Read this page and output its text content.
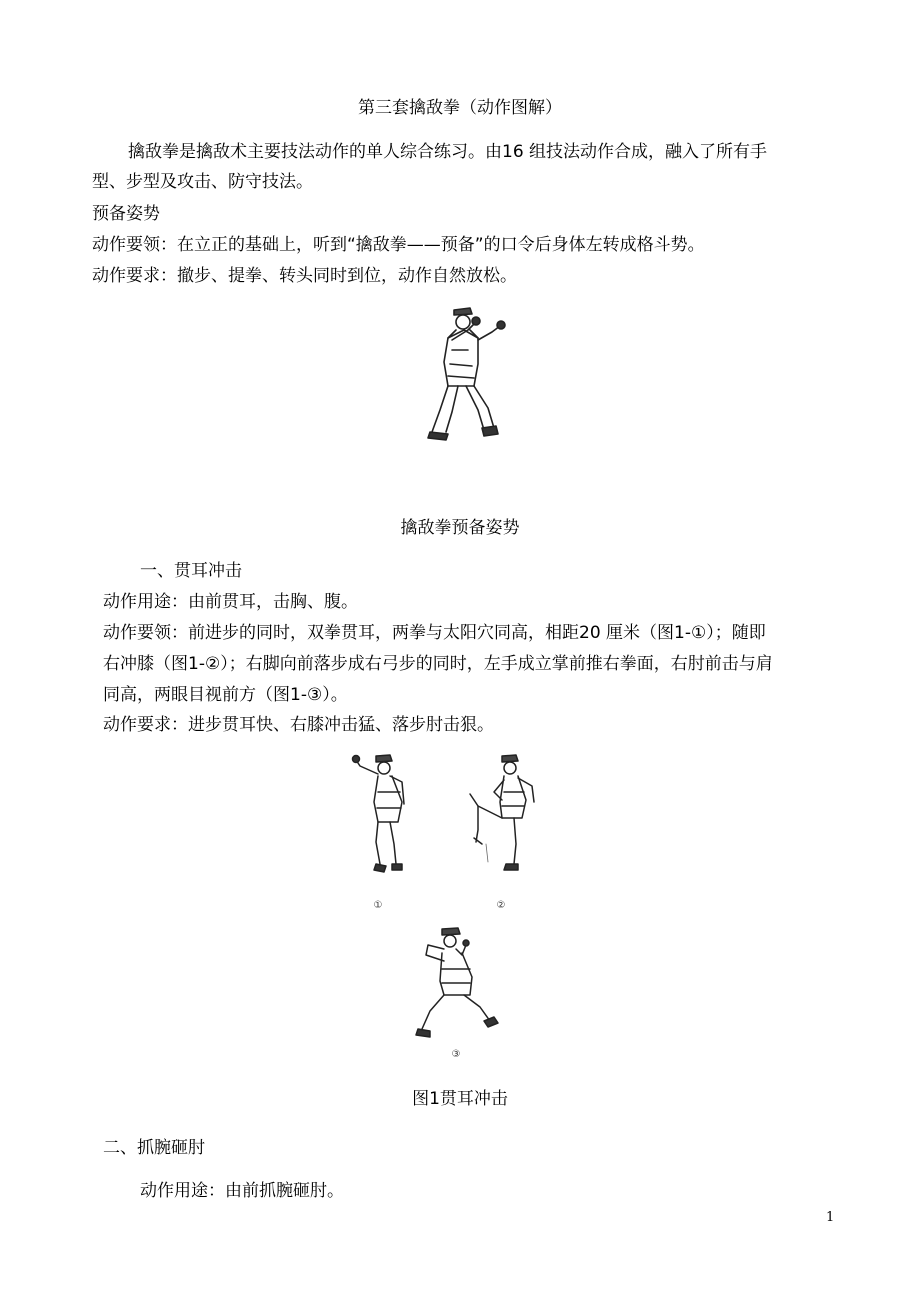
第三套擒敌拳（动作图解）
擒敌拳是擒敌术主要技法动作的单人综合练习。由16 组技法动作合成，融入了所有手
型、步型及攻击、防守技法。
预备姿势
动作要领：在立正的基础上，听到“擒敌拳——预备”的口令后身体左转成格斗势。
动作要求：撤步、提拳、转头同时到位，动作自然放松。
擒敌拳预备姿势
一、贯耳冲击
动作用途：由前贯耳，击胸、腹。
动作要领：前进步的同时，双拳贯耳，两拳与太阳穴同高，相距20 厘米（图1-①）；随即
右冲膝（图1-②）；右脚向前落步成右弓步的同时，左手成立掌前推右拳面，右肘前击与肩
同高，两眼目视前方（图1-③）。
动作要求：进步贯耳快、右膝冲击猛、落步肘击狠。
①	②
③
图1贯耳冲击
二、抓腕砸肘
动作用途：由前抓腕砸肘。
1
